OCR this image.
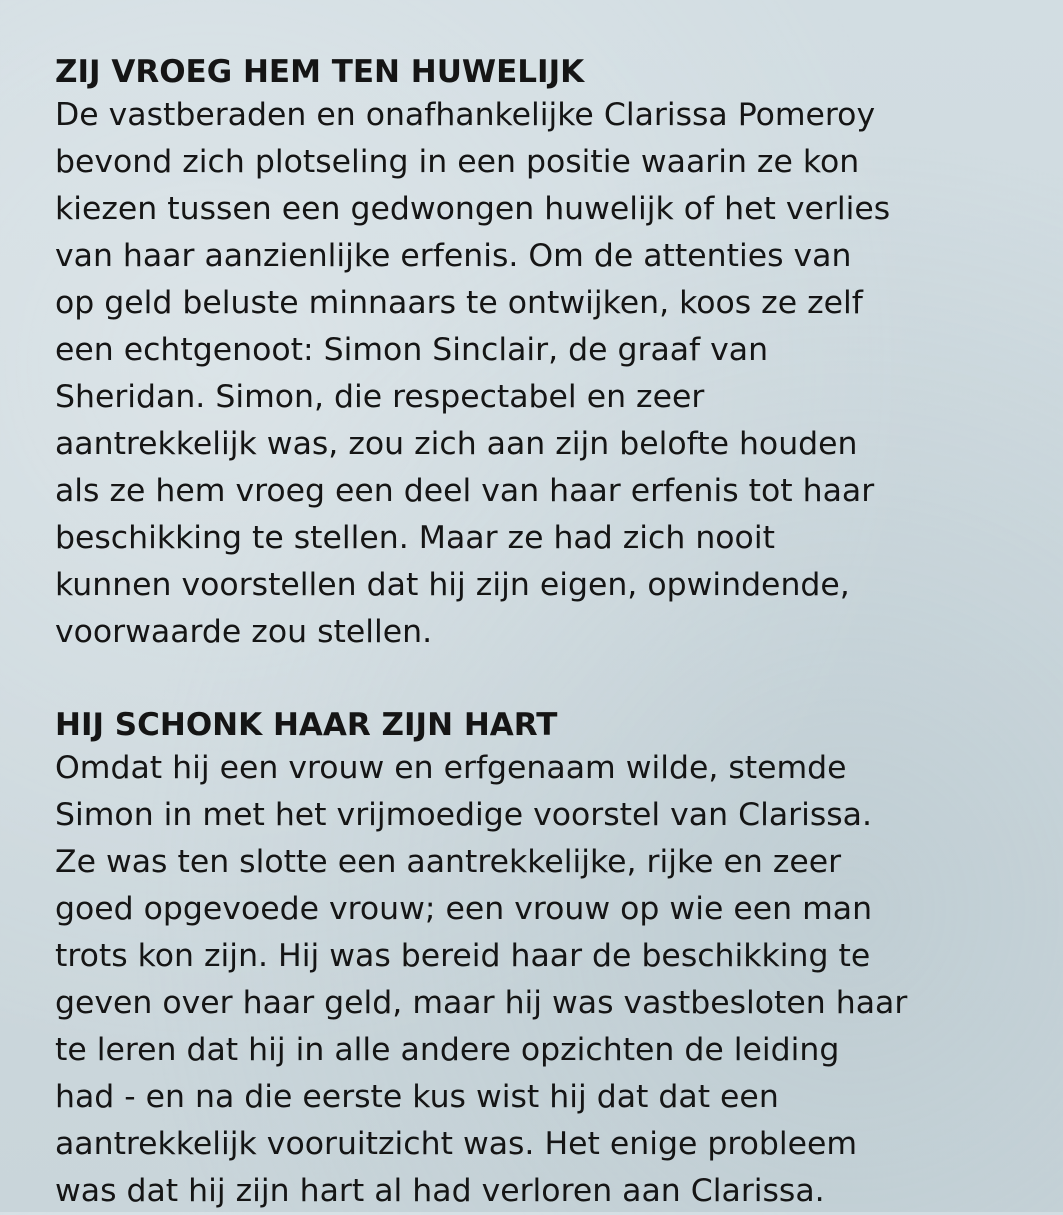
ZIJ VROEG HEM TEN HUWELIJK

De vastberaden en onafhankelijke Clarissa Pomeroy
bevond zich plotseling in een positie waarin ze kon
kiezen tussen een gedwongen huwelijk of het verlies
van haar aanzienlijke erfenis. Om de attenties van
op geld beluste minnaars te ontwijken, koos ze zelf
een echtgenoot: Simon Sinclair, de graaf van
Sheridan. Simon, die respectabel en zeer
aantrekkelijk was, zou zich aan zijn belofte houden
als ze hem vroeg een deel van haar erfenis tot haar
beschikking te stellen. Maar ze had zich nooit
kunnen voorstellen dat hij zijn eigen, opwindende,
voorwaarde zou stellen.

HIJ SCHONK HAAR ZIJN HART

Omdat hij een vrouw en erfgenaam wilde, stemde
Simon in met het vrijmoedige voorstel van Clarissa.
Ze was ten slotte een aantrekkelijke, rijke en zeer
goed opgevoede vrouw; een vrouw op wie een man
trots kon zijn. Hij was bereid haar de beschikking te
geven over haar geld, maar hij was vastbesloten haar
te leren dat hij in alle andere opzichten de leiding
had - en na die eerste kus wist hij dat dat een
aantrekkelijk vooruitzicht was. Het enige probleem
was dat hij zijn hart al had verloren aan Clarissa.
